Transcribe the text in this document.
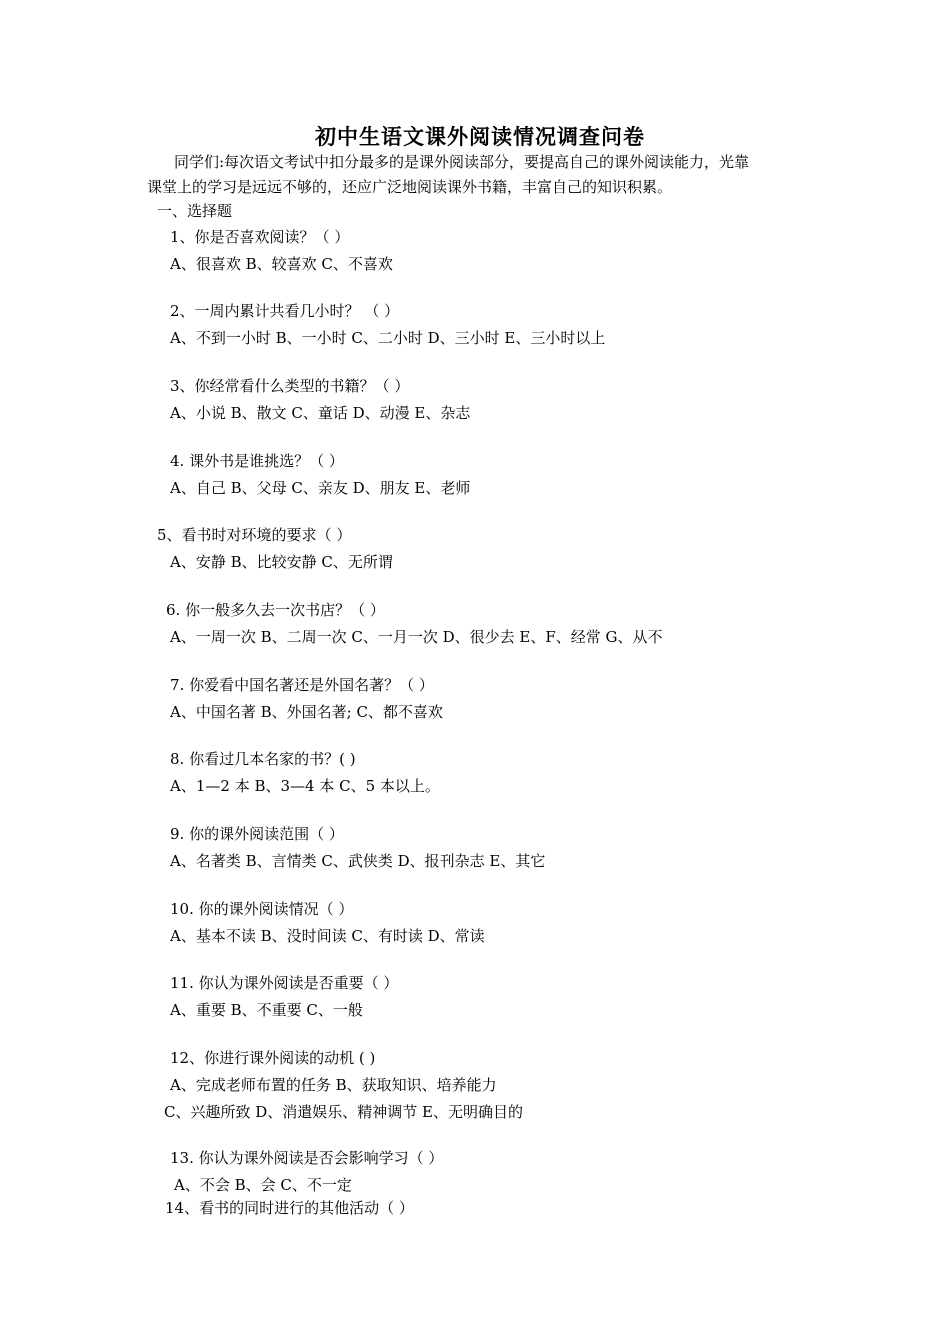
初中生语文课外阅读情况调查问卷

同学们:每次语文考试中扣分最多的是课外阅读部分，要提高自己的课外阅读能力，光靠

课堂上的学习是远远不够的，还应广泛地阅读课外书籍，丰富自己的知识积累。

一、选择题
1、你是否喜欢阅读？（ ）
A、很喜欢 B、较喜欢 C、不喜欢
2、一周内累计共看几小时？ （ ）
A、不到一小时 B、一小时 C、二小时 D、三小时 E、三小时以上
3、你经常看什么类型的书籍？（ ）
A、小说 B、散文 C、童话 D、动漫 E、杂志
4. 课外书是谁挑选？（ ）
A、自己 B、父母 C、亲友 D、朋友 E、老师
5、看书时对环境的要求（ ）
A、安静 B、比较安静 C、无所谓
6. 你一般多久去一次书店？（ ）
A、一周一次 B、二周一次 C、一月一次 D、很少去 E、F、经常 G、从不
7. 你爱看中国名著还是外国名著？（ ）
A、中国名著 B、外国名著; C、都不喜欢
8. 你看过几本名家的书？( )
A、1—2 本 B、3—4 本 C、5 本以上。
9. 你的课外阅读范围（ ）
A、名著类 B、言情类 C、武侠类 D、报刊杂志 E、其它
10. 你的课外阅读情况（ ）
A、基本不读 B、没时间读 C、有时读 D、常读
11. 你认为课外阅读是否重要（ ）
A、重要 B、不重要 C、一般
12、你进行课外阅读的动机 ( )
A、完成老师布置的任务 B、获取知识、培养能力
C、兴趣所致 D、消遣娱乐、精神调节 E、无明确目的
13. 你认为课外阅读是否会影响学习（ ）
A、不会 B、会 C、不一定
14、看书的同时进行的其他活动（ ）
